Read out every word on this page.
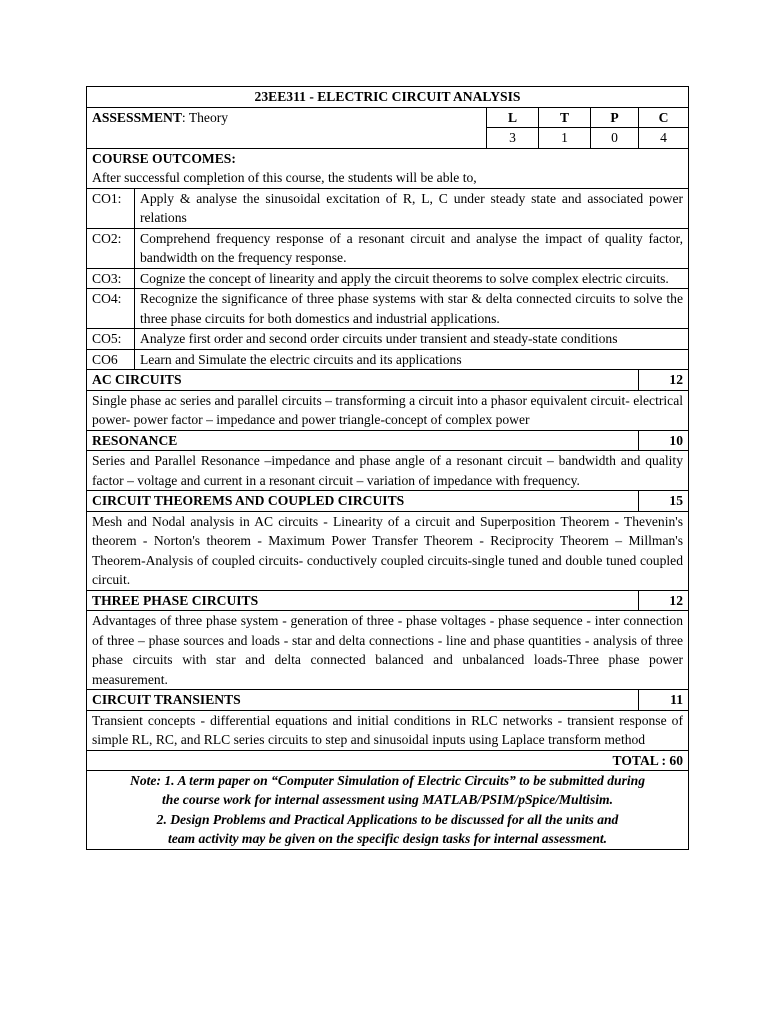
23EE311 - ELECTRIC CIRCUIT ANALYSIS					
ASSESSMENT: Theory		L	T	P	C
		3	1	0	4

COURSE OUTCOMES:
After successful completion of this course, the students will be able to,					

CO1:	Apply & analyse the sinusoidal excitation of R, L, C under steady state and associated power relations				
CO2:	Comprehend frequency response of a resonant circuit and analyse the impact of quality factor, bandwidth on the frequency response.				
CO3:	Cognize the concept of linearity and apply the circuit theorems to solve complex electric circuits.				
CO4:	Recognize the significance of three phase systems with star & delta connected circuits to solve the three phase circuits for both domestics and industrial applications.				
CO5:	Analyze first order and second order circuits under transient and steady-state conditions				
CO6	Learn and Simulate the electric circuits and its applications				
AC CIRCUITS					12
Single phase ac series and parallel circuits – transforming a circuit into a phasor equivalent circuit- electrical power- power factor – impedance and power triangle-concept of complex power					
RESONANCE					10
Series and Parallel Resonance –impedance and phase angle of a resonant circuit – bandwidth and quality factor – voltage and current in a resonant circuit – variation of impedance with frequency.					
CIRCUIT THEOREMS AND COUPLED CIRCUITS					15
Mesh and Nodal analysis in AC circuits - Linearity of a circuit and Superposition Theorem - Thevenin's theorem - Norton's theorem - Maximum Power Transfer Theorem - Reciprocity Theorem – Millman's Theorem-Analysis of coupled circuits- conductively coupled circuits-single tuned and double tuned coupled circuit.					
THREE PHASE CIRCUITS					12
Advantages of three phase system - generation of three - phase voltages - phase sequence - inter connection of three – phase sources and loads - star and delta connections - line and phase quantities - analysis of three phase circuits with star and delta connected balanced and unbalanced loads-Three phase power measurement.					
CIRCUIT TRANSIENTS					11
Transient concepts - differential equations and initial conditions in RLC networks - transient response of simple RL, RC, and RLC series circuits to step and sinusoidal inputs using Laplace transform method					
TOTAL : 60					

Note: 1. A term paper on “Computer Simulation of Electric Circuits” to be submitted during
the course work for internal assessment using MATLAB/PSIM/pSpice/Multisim.
2. Design Problems and Practical Applications to be discussed for all the units and
team activity may be given on the specific design tasks for internal assessment.					
